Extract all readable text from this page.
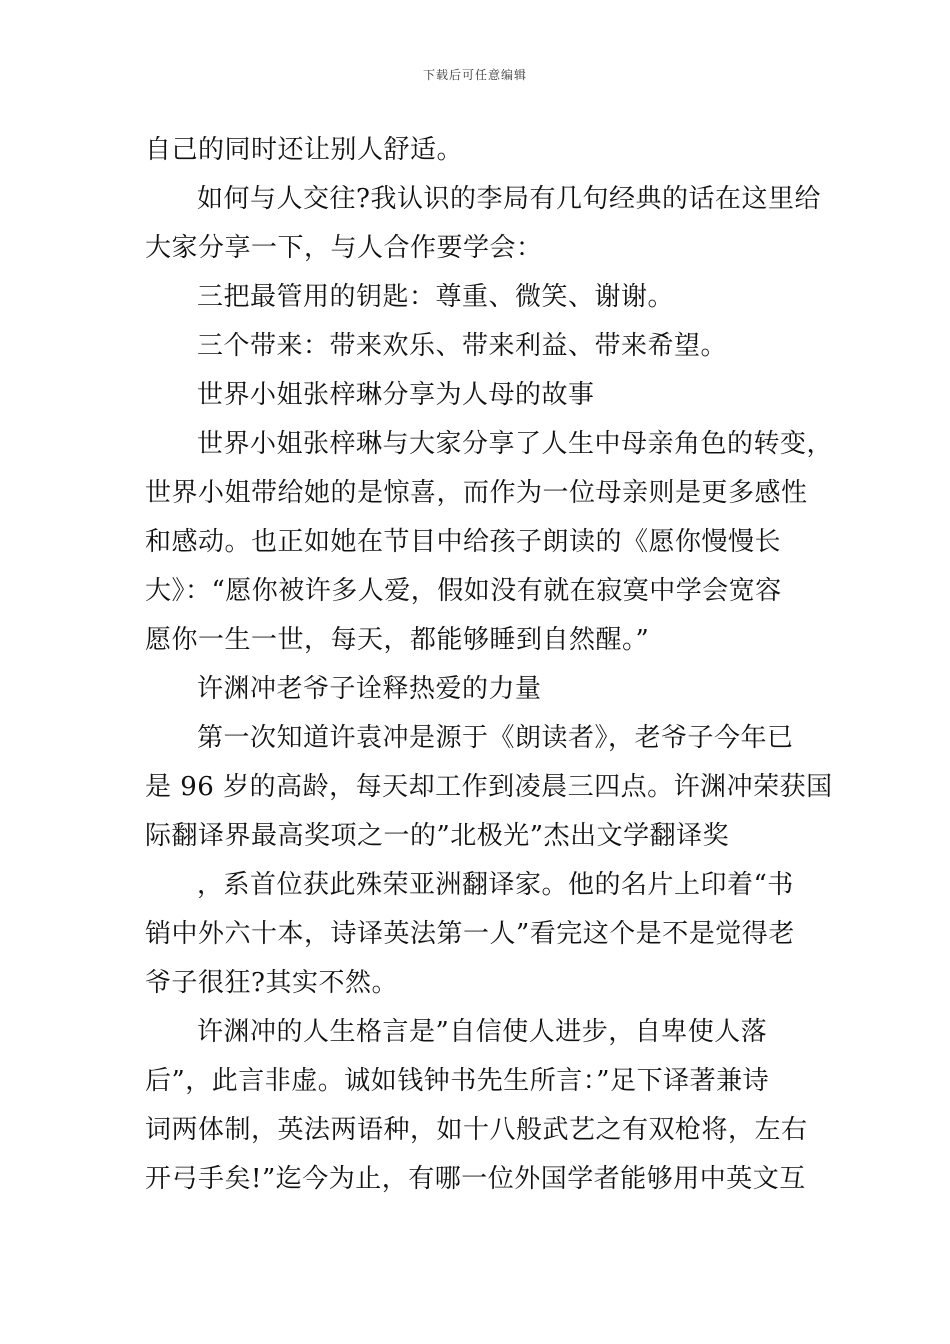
下载后可任意编辑
自己的同时还让别人舒适。
如何与人交往?我认识的李局有几句经典的话在这里给
大家分享一下，与人合作要学会：
三把最管用的钥匙：尊重、微笑、谢谢。
三个带来：带来欢乐、带来利益、带来希望。
世界小姐张梓琳分享为人母的故事
世界小姐张梓琳与大家分享了人生中母亲角色的转变，
世界小姐带给她的是惊喜，而作为一位母亲则是更多感性
和感动。也正如她在节目中给孩子朗读的《愿你慢慢长
大》：“愿你被许多人爱，假如没有就在寂寞中学会宽容
愿你一生一世，每天，都能够睡到自然醒。”
许渊冲老爷子诠释热爱的力量
第一次知道许袁冲是源于《朗读者》，老爷子今年已
是 96 岁的高龄，每天却工作到凌晨三四点。许渊冲荣获国
际翻译界最高奖项之一的”北极光”杰出文学翻译奖
，系首位获此殊荣亚洲翻译家。他的名片上印着“书
销中外六十本，诗译英法第一人”看完这个是不是觉得老
爷子很狂?其实不然。
许渊冲的人生格言是”自信使人进步，自卑使人落
后”，此言非虚。诚如钱钟书先生所言：”足下译著兼诗
词两体制，英法两语种，如十八般武艺之有双枪将，左右
开弓手矣!”迄今为止，有哪一位外国学者能够用中英文互
